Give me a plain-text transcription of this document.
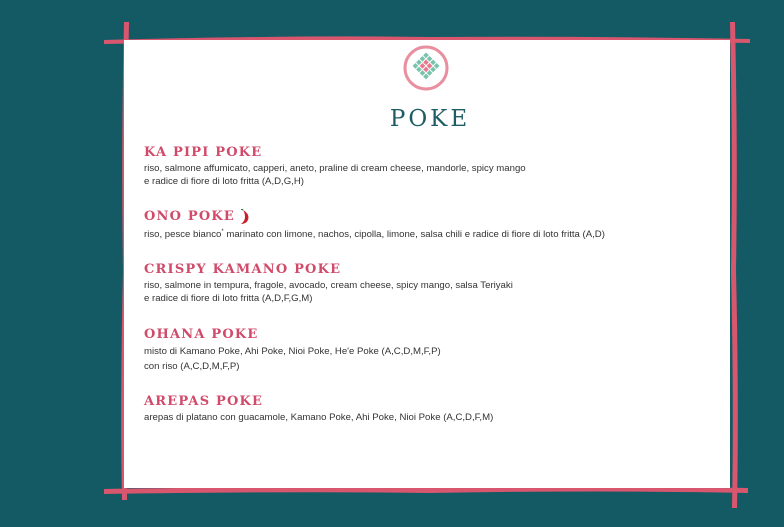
POKE
KA PIPI POKE
riso, salmone affumicato, capperi, aneto, praline di cream cheese, mandorle, spicy mango
e radice di fiore di loto fritta (A,D,G,H)
ONO POKE
riso, pesce bianco* marinato con limone, nachos, cipolla, limone, salsa chili e radice di fiore di loto fritta (A,D)
CRISPY KAMANO POKE
riso, salmone in tempura, fragole, avocado, cream cheese, spicy mango, salsa Teriyaki
e radice di fiore di loto fritta (A,D,F,G,M)
OHANA POKE
misto di Kamano Poke, Ahi Poke, Nioi Poke, He'e Poke (A,C,D,M,F,P)
con riso (A,C,D,M,F,P)
AREPAS POKE
arepas di platano con guacamole, Kamano Poke, Ahi Poke, Nioi Poke (A,C,D,F,M)
